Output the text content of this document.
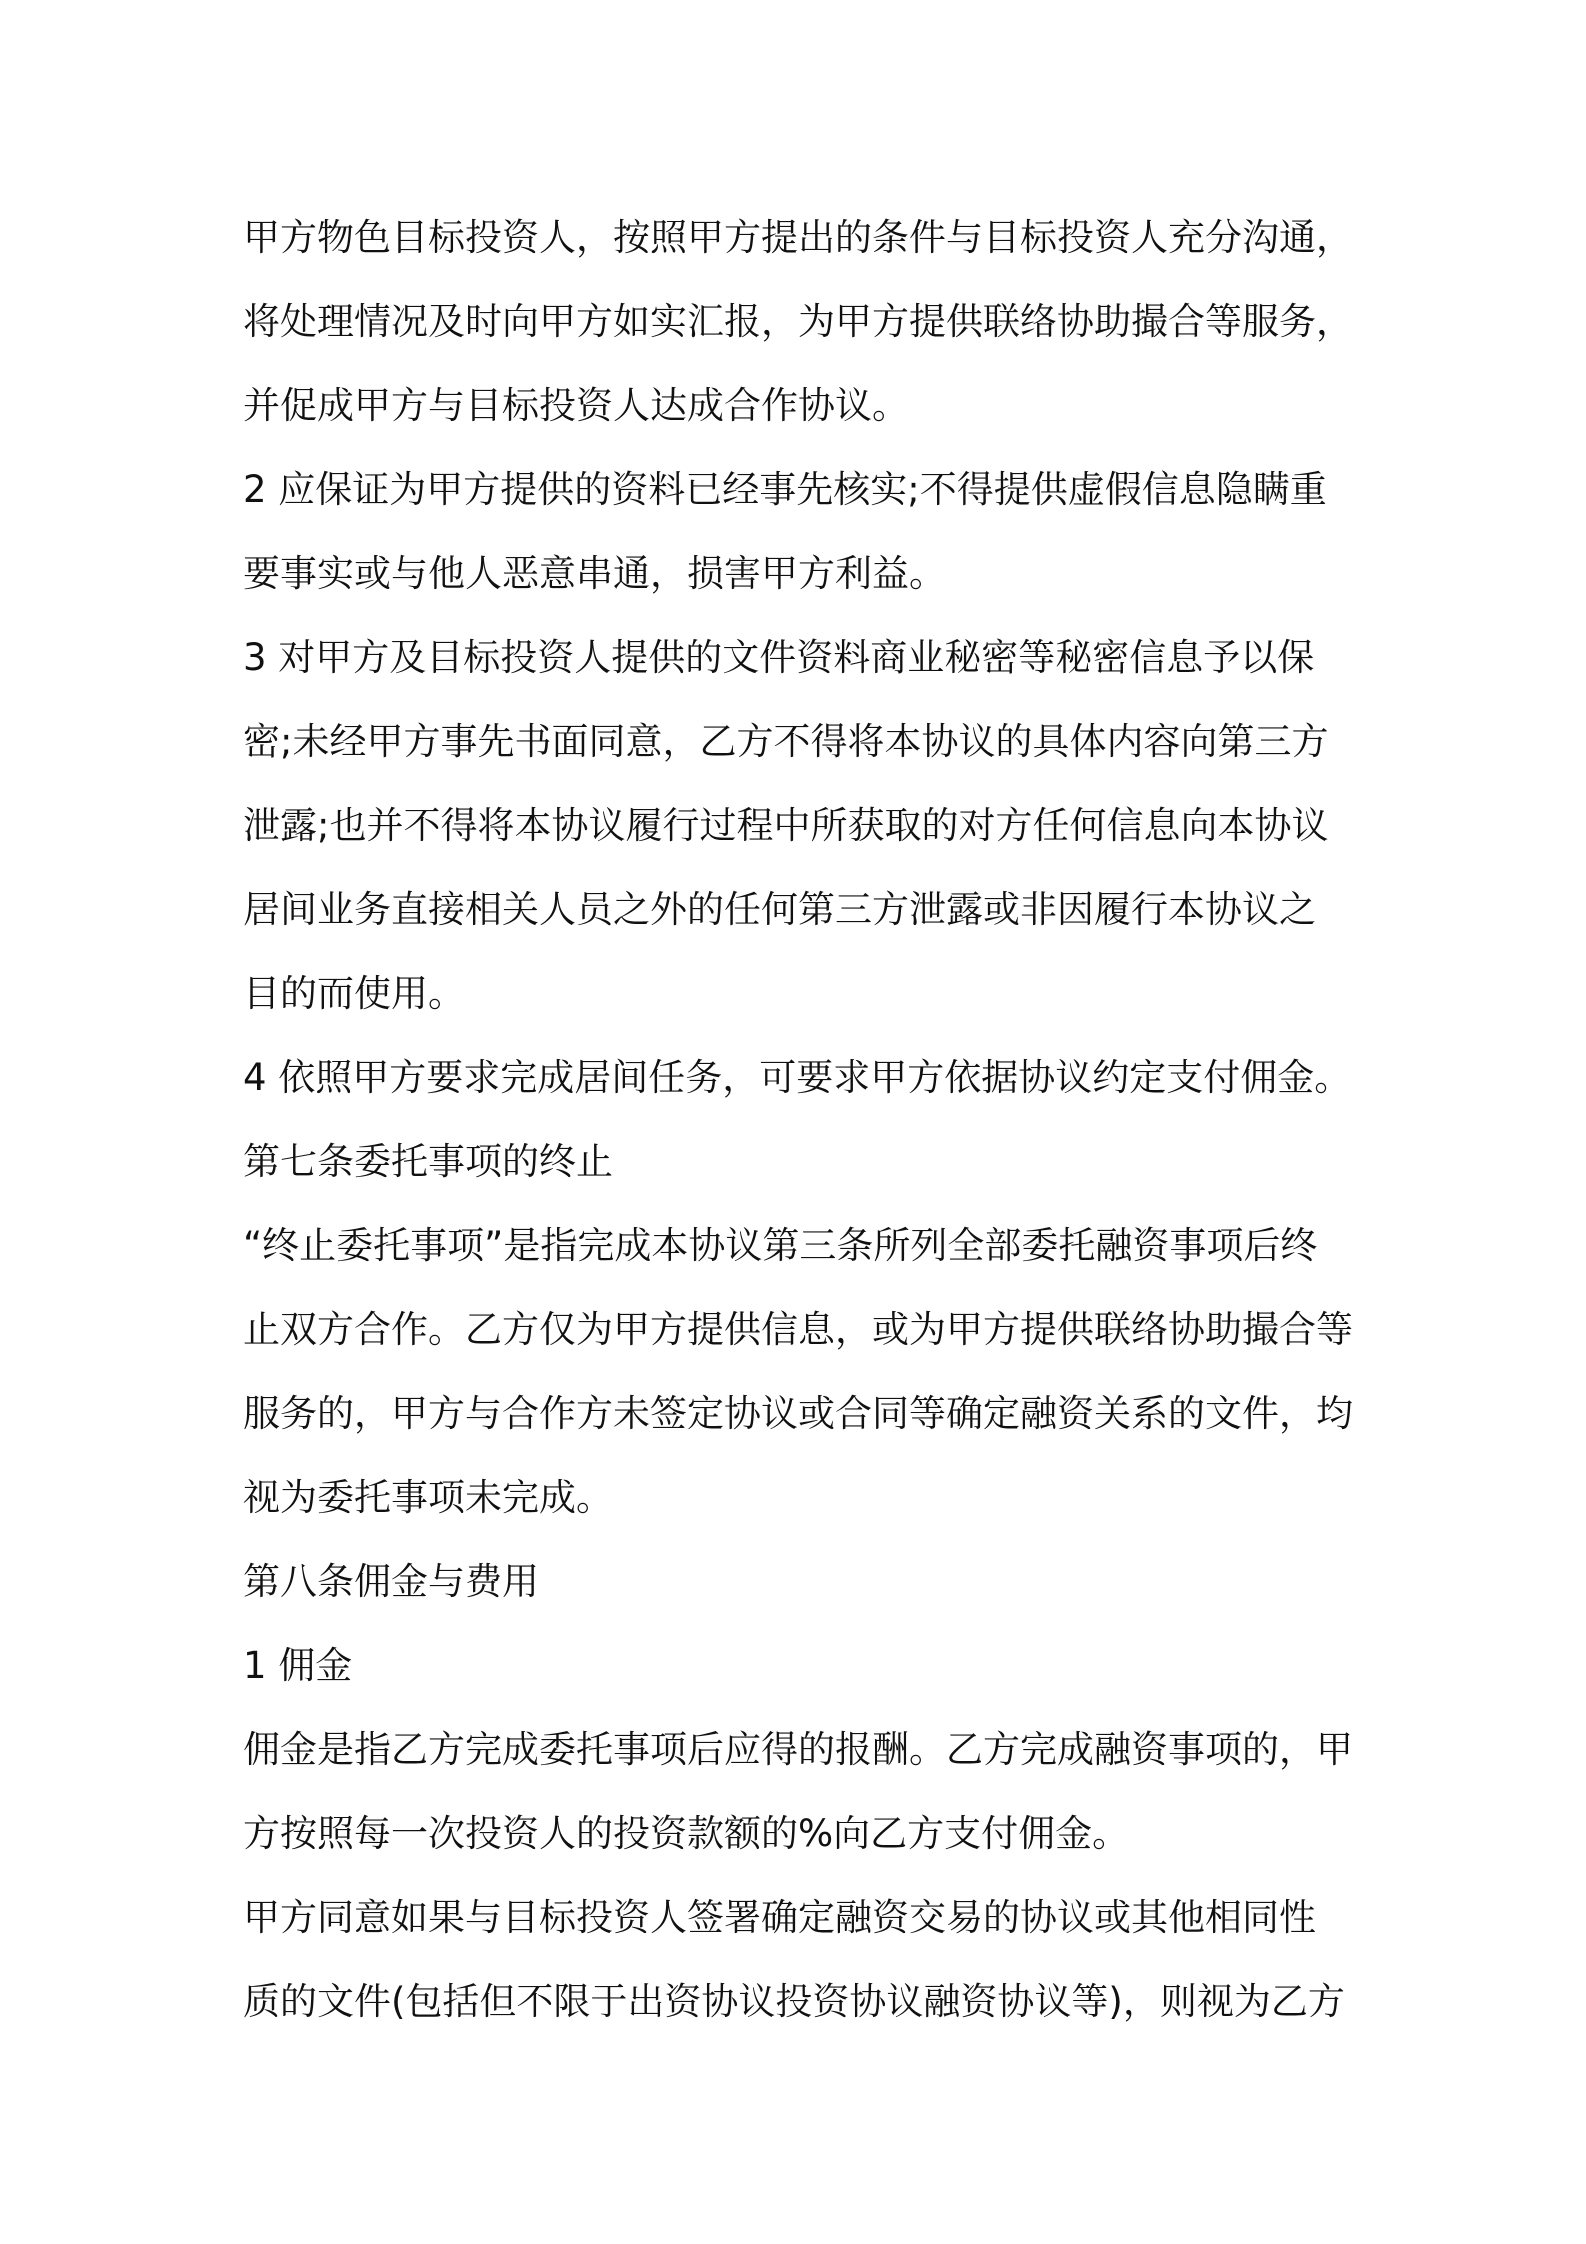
甲方物色目标投资人，按照甲方提出的条件与目标投资人充分沟通，
将处理情况及时向甲方如实汇报，为甲方提供联络协助撮合等服务，
并促成甲方与目标投资人达成合作协议。
2 应保证为甲方提供的资料已经事先核实;不得提供虚假信息隐瞒重
要事实或与他人恶意串通，损害甲方利益。
3 对甲方及目标投资人提供的文件资料商业秘密等秘密信息予以保
密;未经甲方事先书面同意，乙方不得将本协议的具体内容向第三方
泄露;也并不得将本协议履行过程中所获取的对方任何信息向本协议
居间业务直接相关人员之外的任何第三方泄露或非因履行本协议之
目的而使用。
4 依照甲方要求完成居间任务，可要求甲方依据协议约定支付佣金。
第七条委托事项的终止
“终止委托事项”是指完成本协议第三条所列全部委托融资事项后终
止双方合作。乙方仅为甲方提供信息，或为甲方提供联络协助撮合等
服务的，甲方与合作方未签定协议或合同等确定融资关系的文件，均
视为委托事项未完成。
第八条佣金与费用
1 佣金
佣金是指乙方完成委托事项后应得的报酬。乙方完成融资事项的，甲
方按照每一次投资人的投资款额的%向乙方支付佣金。
甲方同意如果与目标投资人签署确定融资交易的协议或其他相同性
质的文件(包括但不限于出资协议投资协议融资协议等)，则视为乙方
